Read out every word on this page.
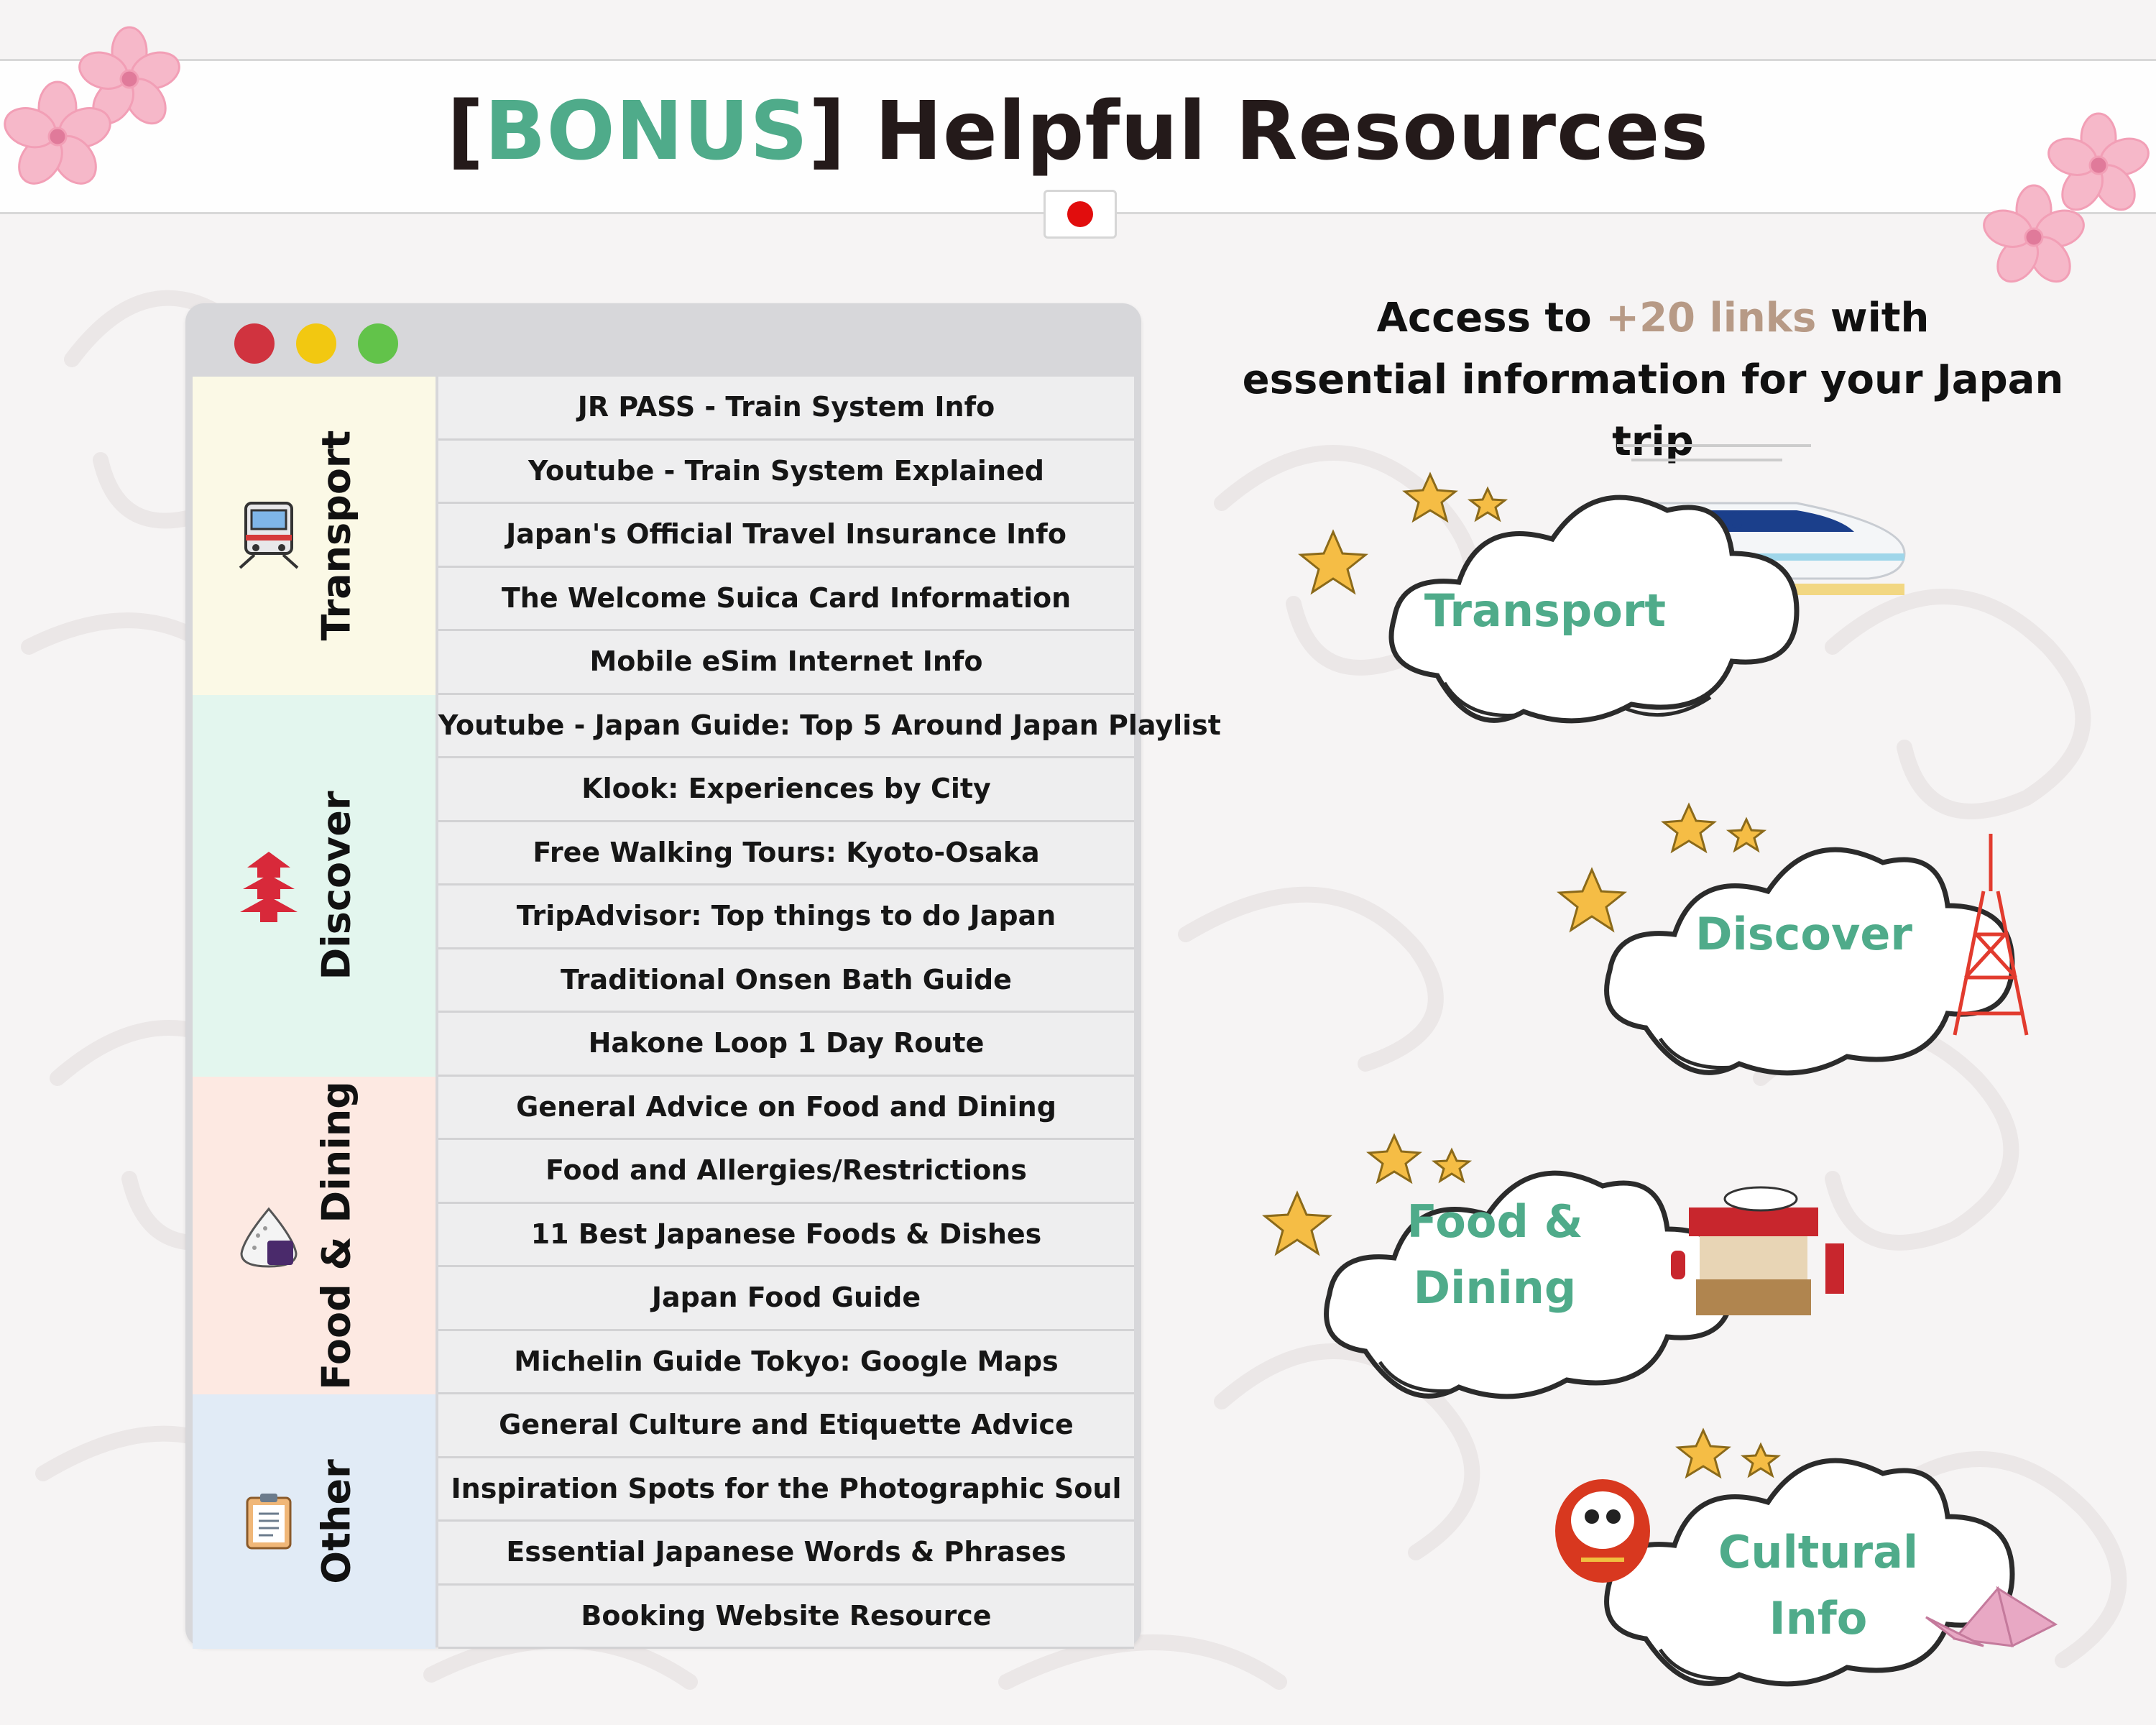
[BONUS] Helpful Resources
Transport
JR PASS - Train System Info
Youtube - Train System Explained
Japan's Official Travel Insurance Info
The Welcome Suica Card Information
Mobile eSim Internet Info
Discover
Youtube - Japan Guide: Top 5 Around Japan Playlist
Klook: Experiences by City
Free Walking Tours: Kyoto-Osaka
TripAdvisor: Top things to do Japan
Traditional Onsen Bath Guide
Hakone Loop 1 Day Route
Food & Dining	General Advice on Food and Dining
Food and Allergies/Restrictions
11 Best Japanese Foods & Dishes
Japan Food Guide
Michelin Guide Tokyo: Google Maps
Other
General Culture and Etiquette Advice
Inspiration Spots for the Photographic Soul
Essential Japanese Words & Phrases
Booking Website Resource
Access to +20 links with
essential information for your Japan trip
Transport
Discover
Food &
Dining
Cultural Info
